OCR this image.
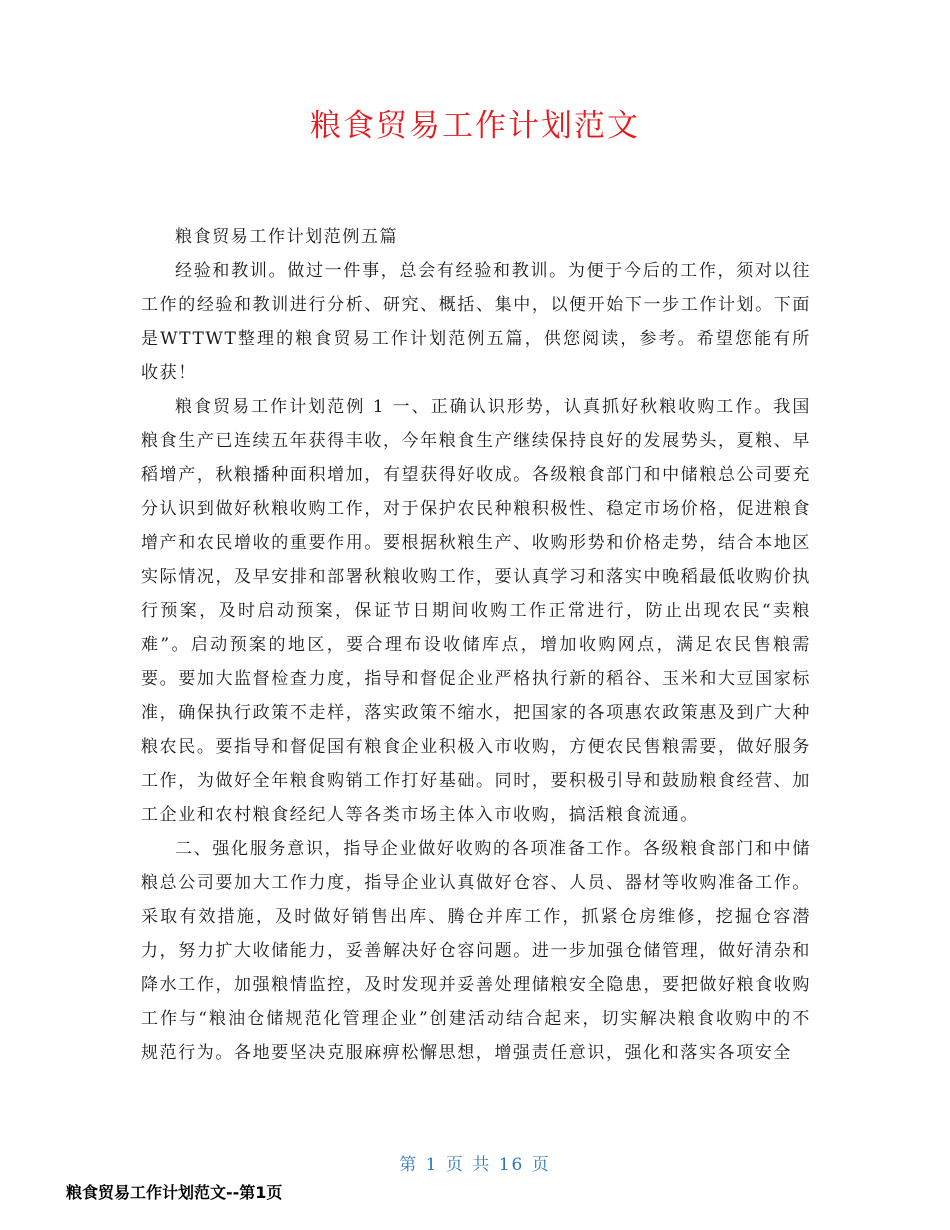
粮食贸易工作计划范文

粮食贸易工作计划范例五篇

经验和教训。做过一件事，总会有经验和教训。为便于今后的工作，须对以往工作的经验和教训进行分析、研究、概括、集中，以便开始下一步工作计划。下面是WTTWT整理的粮食贸易工作计划范例五篇，供您阅读，参考。希望您能有所收获！

粮食贸易工作计划范例 1 一、正确认识形势，认真抓好秋粮收购工作。我国粮食生产已连续五年获得丰收，今年粮食生产继续保持良好的发展势头，夏粮、早稻增产，秋粮播种面积增加，有望获得好收成。各级粮食部门和中储粮总公司要充分认识到做好秋粮收购工作，对于保护农民种粮积极性、稳定市场价格，促进粮食增产和农民增收的重要作用。要根据秋粮生产、收购形势和价格走势，结合本地区实际情况，及早安排和部署秋粮收购工作，要认真学习和落实中晚稻最低收购价执行预案，及时启动预案，保证节日期间收购工作正常进行，防止出现农民“卖粮难”。启动预案的地区，要合理布设收储库点，增加收购网点，满足农民售粮需要。要加大监督检查力度，指导和督促企业严格执行新的稻谷、玉米和大豆国家标准，确保执行政策不走样，落实政策不缩水，把国家的各项惠农政策惠及到广大种粮农民。要指导和督促国有粮食企业积极入市收购，方便农民售粮需要，做好服务工作，为做好全年粮食购销工作打好基础。同时，要积极引导和鼓励粮食经营、加工企业和农村粮食经纪人等各类市场主体入市收购，搞活粮食流通。

二、强化服务意识，指导企业做好收购的各项准备工作。各级粮食部门和中储粮总公司要加大工作力度，指导企业认真做好仓容、人员、器材等收购准备工作。采取有效措施，及时做好销售出库、腾仓并库工作，抓紧仓房维修，挖掘仓容潜力，努力扩大收储能力，妥善解决好仓容问题。进一步加强仓储管理，做好清杂和降水工作，加强粮情监控，及时发现并妥善处理储粮安全隐患，要把做好粮食收购工作与“粮油仓储规范化管理企业”创建活动结合起来，切实解决粮食收购中的不规范行为。各地要坚决克服麻痹松懈思想，增强责任意识，强化和落实各项安全

第 1 页 共 16 页
粮食贸易工作计划范文--第1页
